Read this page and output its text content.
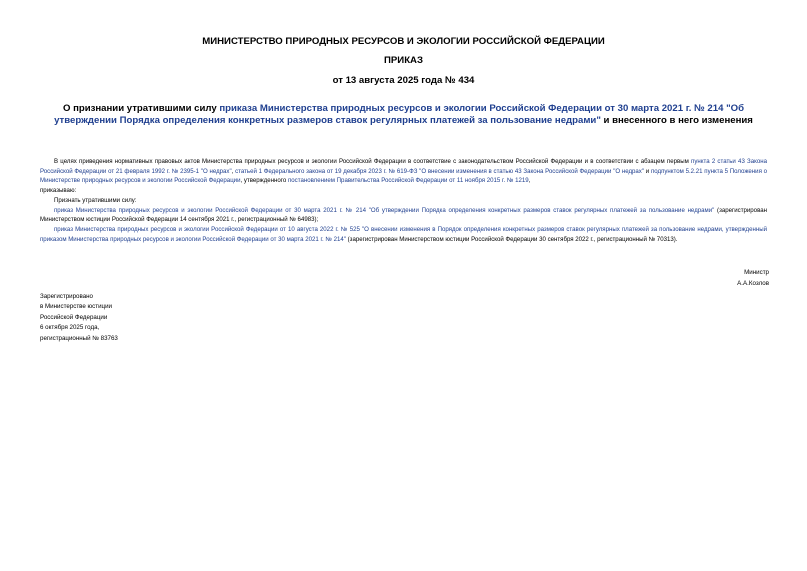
МИНИСТЕРСТВО ПРИРОДНЫХ РЕСУРСОВ И ЭКОЛОГИИ РОССИЙСКОЙ ФЕДЕРАЦИИ
ПРИКАЗ
от 13 августа 2025 года № 434
О признании утратившими силу приказа Министерства природных ресурсов и экологии Российской Федерации от 30 марта 2021 г. № 214 "Об утверждении Порядка определения конкретных размеров ставок регулярных платежей за пользование недрами" и внесенного в него изменения

В целях приведения нормативных правовых актов Министерства природных ресурсов и экологии Российской Федерации в соответствие с законодательством Российской Федерации и в соответствии с абзацем первым пункта 2 статьи 43 Закона Российской Федерации от 21 февраля 1992 г. № 2395-1 "О недрах", статьей 1 Федерального закона от 19 декабря 2023 г. № 619-ФЗ "О внесении изменения в статью 43 Закона Российской Федерации "О недрах" и подпунктом 5.2.21 пункта 5 Положения о Министерстве природных ресурсов и экологии Российской Федерации, утвержденного постановлением Правительства Российской Федерации от 11 ноября 2015 г. № 1219,

приказываю:

Признать утратившими силу:

приказ Министерства природных ресурсов и экологии Российской Федерации от 30 марта 2021 г. № 214 "Об утверждении Порядка определения конкретных размеров ставок регулярных платежей за пользование недрами" (зарегистрирован Министерством юстиции Российской Федерации 14 сентября 2021 г., регистрационный № 64983);

приказ Министерства природных ресурсов и экологии Российской Федерации от 10 августа 2022 г. № 525 "О внесении изменения в Порядок определения конкретных размеров ставок регулярных платежей за пользование недрами, утвержденный приказом Министерства природных ресурсов и экологии Российской Федерации от 30 марта 2021 г. № 214" (зарегистрирован Министерством юстиции Российской Федерации 30 сентября 2022 г., регистрационный № 70313).

Министр
А.А.Козлов
Зарегистрировано
в Министерстве юстиции
Российской Федерации
6 октября 2025 года,
регистрационный № 83763
